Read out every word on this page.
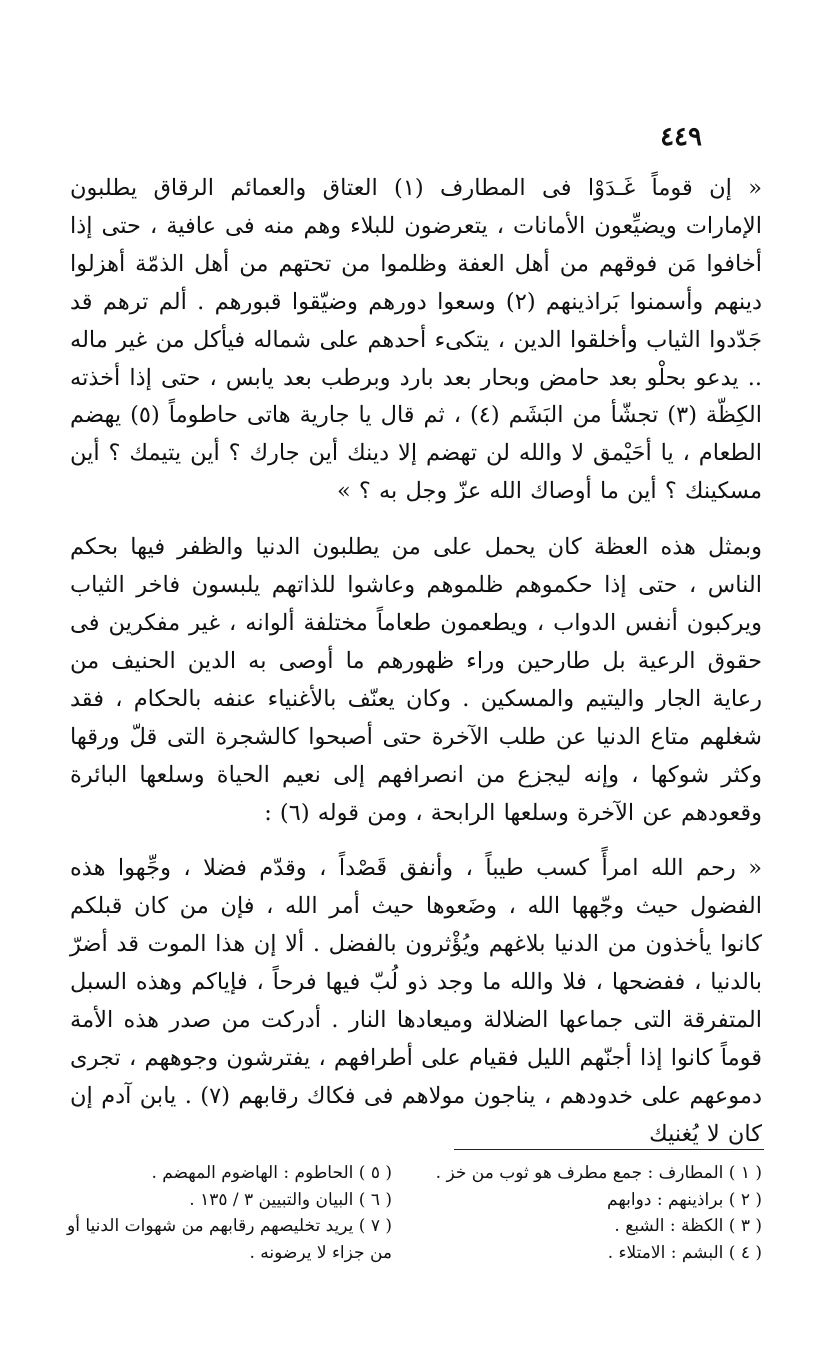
٤٤٩

« إن قوماً غَـدَوْا فى المطارف (١) العتاق والعمائم الرقاق يطلبون الإمارات ويضيِّعون الأمانات ، يتعرضون للبلاء وهم منه فى عافية ، حتى إذا أخافوا مَن فوقهم من أهل العفة وظلموا من تحتهم من أهل الذمّة أهزلوا دينهم وأسمنوا بَراذينهم (٢) وسعوا دورهم وضيّقوا قبورهم . ألم ترهم قد جَدّدوا الثياب وأخلقوا الدين ، يتكىء أحدهم على شماله فيأكل من غير ماله .. يدعو بحلْو بعد حامض وبحار بعد بارد وبرطب بعد يابس ، حتى إذا أخذته الكِظّة (٣) تجشّأ من البَشَم (٤) ، ثم قال يا جارية هاتى حاطوماً (٥) يهضم الطعام ، يا أحَيْمق لا والله لن تهضم إلا دينك أين جارك ؟ أين يتيمك ؟ أين مسكينك ؟ أين ما أوصاك الله عزّ وجل به ؟ »

وبمثل هذه العظة كان يحمل على من يطلبون الدنيا والظفر فيها بحكم الناس ، حتى إذا حكموهم ظلموهم وعاشوا للذاتهم يلبسون فاخر الثياب ويركبون أنفس الدواب ، ويطعمون طعاماً مختلفة ألوانه ، غير مفكرين فى حقوق الرعية بل طارحين وراء ظهورهم ما أوصى به الدين الحنيف من رعاية الجار واليتيم والمسكين . وكان يعنّف بالأغنياء عنفه بالحكام ، فقد شغلهم متاع الدنيا عن طلب الآخرة حتى أصبحوا كالشجرة التى قلّ ورقها وكثر شوكها ، وإنه ليجزع من انصرافهم إلى نعيم الحياة وسلعها البائرة وقعودهم عن الآخرة وسلعها الرابحة ، ومن قوله (٦) :

« رحم الله امرأً كسب طيباً ، وأنفق قَصْداً ، وقدّم فضلا ، وجِّهوا هذه الفضول حيث وجّهها الله ، وضَعوها حيث أمر الله ، فإن من كان قبلكم كانوا يأخذون من الدنيا بلاغهم ويُؤْثرون بالفضل . ألا إن هذا الموت قد أضرّ بالدنيا ، ففضحها ، فلا والله ما وجد ذو لُبّ فيها فرحاً ، فإياكم وهذه السبل المتفرقة التى جماعها الضلالة وميعادها النار . أدركت من صدر هذه الأمة قوماً كانوا إذا أجنّهم الليل فقيام على أطرافهم ، يفترشون وجوههم ، تجرى دموعهم على خدودهم ، يناجون مولاهم فى فكاك رقابهم (٧) . يابن آدم إن كان لا يُغنيك

( ١ ) المطارف : جمع مطرف هو ثوب من خز .
( ٢ ) براذينهم : دوابهم
( ٣ ) الكظة : الشبع .
( ٤ ) البشم : الامتلاء .
( ٥ ) الحاطوم : الهاضوم المهضم .
( ٦ ) البيان والتبيين ٣ / ١٣٥ .
( ٧ ) يريد تخليصهم رقابهم من شهوات الدنيا أو من جزاء لا يرضونه .
